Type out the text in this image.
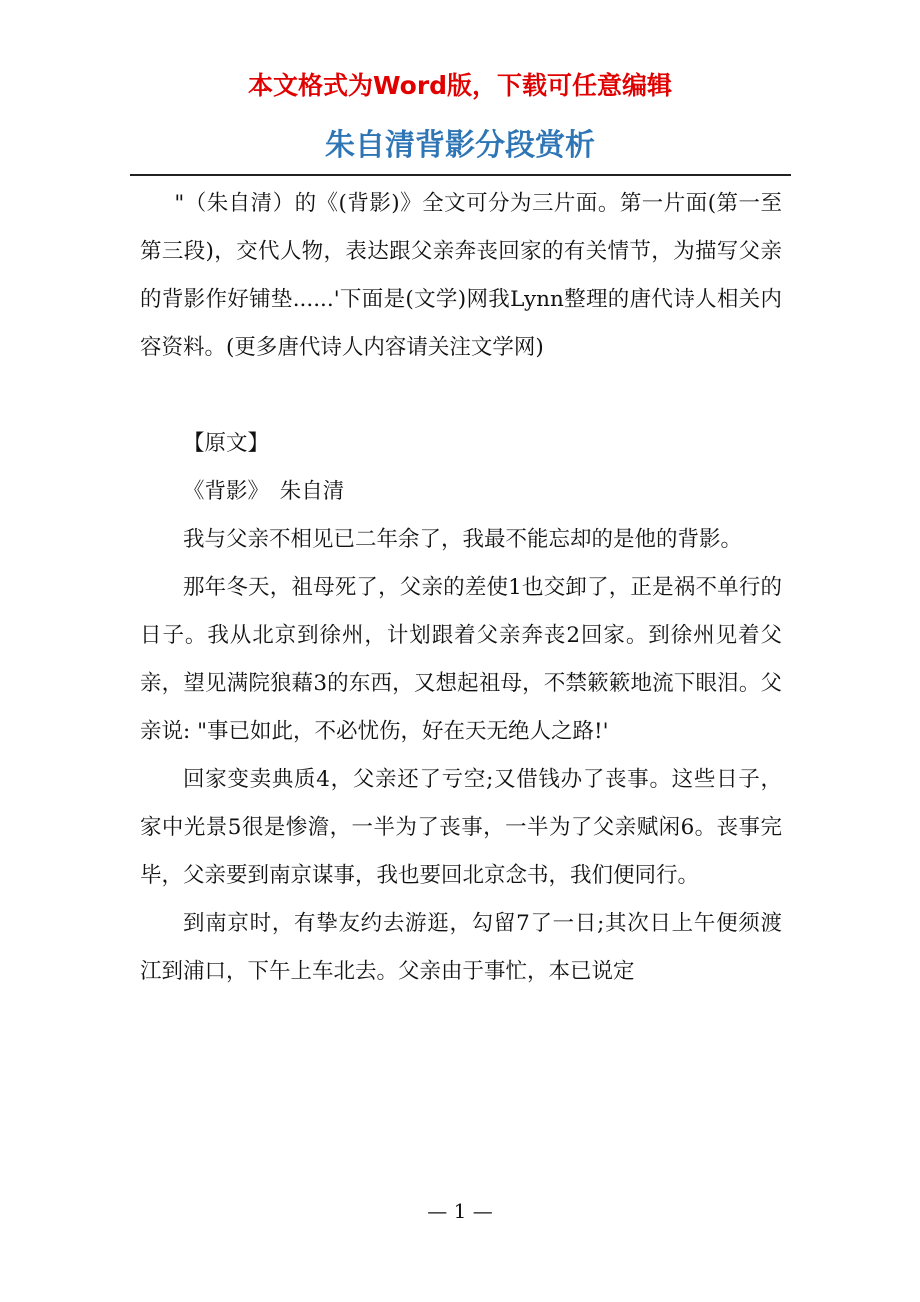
本文格式为Word版，下载可任意编辑
朱自清背影分段赏析

"（朱自清）的《(背影)》全文可分为三片面。第一片面(第一至第三段)，交代人物，表达跟父亲奔丧回家的有关情节，为描写父亲的背影作好铺垫......'下面是(文学)网我Lynn整理的唐代诗人相关内容资料。(更多唐代诗人内容请关注文学网)

【原文】

《背影》　朱自清

我与父亲不相见已二年余了，我最不能忘却的是他的背影。

那年冬天，祖母死了，父亲的差使1也交卸了，正是祸不单行的日子。我从北京到徐州，计划跟着父亲奔丧2回家。到徐州见着父亲，望见满院狼藉3的东西，又想起祖母，不禁簌簌地流下眼泪。父亲说: "事已如此，不必忧伤，好在天无绝人之路!'

回家变卖典质4，父亲还了亏空;又借钱办了丧事。这些日子，家中光景5很是惨澹，一半为了丧事，一半为了父亲赋闲6。丧事完毕，父亲要到南京谋事，我也要回北京念书，我们便同行。

到南京时，有挚友约去游逛，勾留7了一日;其次日上午便须渡江到浦口，下午上车北去。父亲由于事忙，本已说定

— 1 —
